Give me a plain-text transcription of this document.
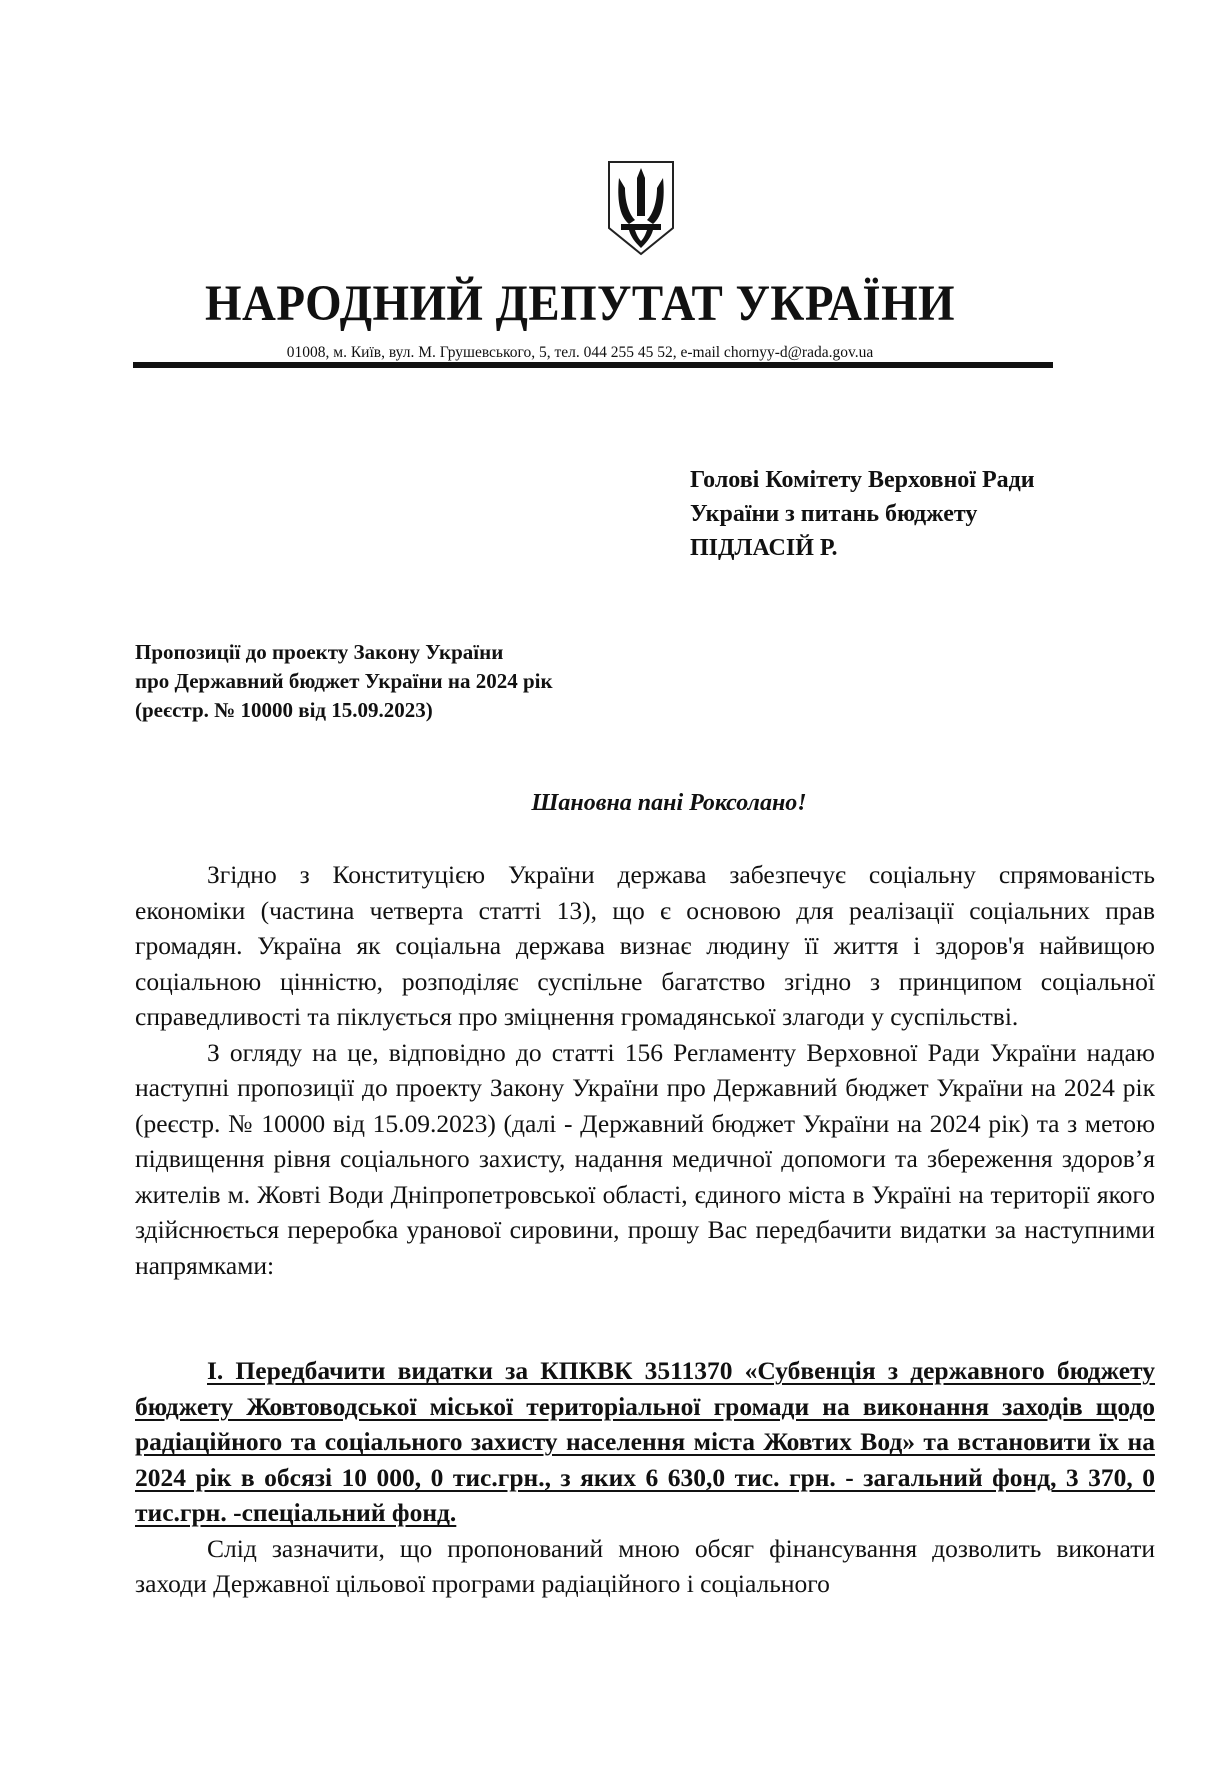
НАРОДНИЙ ДЕПУТАТ УКРАЇНИ
01008, м. Київ, вул. М. Грушевського, 5, тел. 044 255 45 52, e-mail chornyy-d@rada.gov.ua
Голові Комітету Верховної Ради
України з питань бюджету
ПІДЛАСІЙ Р.
Пропозиції до проекту Закону України
про Державний бюджет України на 2024 рік
(реєстр. № 10000 від 15.09.2023)
Шановна пані Роксолано!

Згідно з Конституцією України держава забезпечує соціальну спрямованість економіки (частина четверта статті 13), що є основою для реалізації соціальних прав громадян. Україна як соціальна держава визнає людину її життя і здоров'я найвищою соціальною цінністю, розподіляє суспільне багатство згідно з принципом соціальної справедливості та піклується про зміцнення громадянської злагоди у суспільстві.

З огляду на це, відповідно до статті 156 Регламенту Верховної Ради України надаю наступні пропозиції до проекту Закону України про Державний бюджет України на 2024 рік (реєстр. № 10000 від 15.09.2023) (далі - Державний бюджет України на 2024 рік) та з метою підвищення рівня соціального захисту, надання медичної допомоги та збереження здоров’я жителів м. Жовті Води Дніпропетровської області, єдиного міста в Україні на території якого здійснюється переробка уранової сировини, прошу Вас передбачити видатки за наступними напрямками:

І. Передбачити видатки за КПКВК 3511370 «Субвенція з державного бюджету бюджету Жовтоводської міської територіальної громади на виконання заходів щодо радіаційного та соціального захисту населення міста Жовтих Вод» та встановити їх на 2024 рік в обсязі 10 000, 0 тис.грн., з яких 6 630,0 тис. грн. - загальний фонд, 3 370, 0 тис.грн. -спеціальний фонд.

Слід зазначити, що пропонований мною обсяг фінансування дозволить виконати заходи Державної цільової програми радіаційного і соціального
